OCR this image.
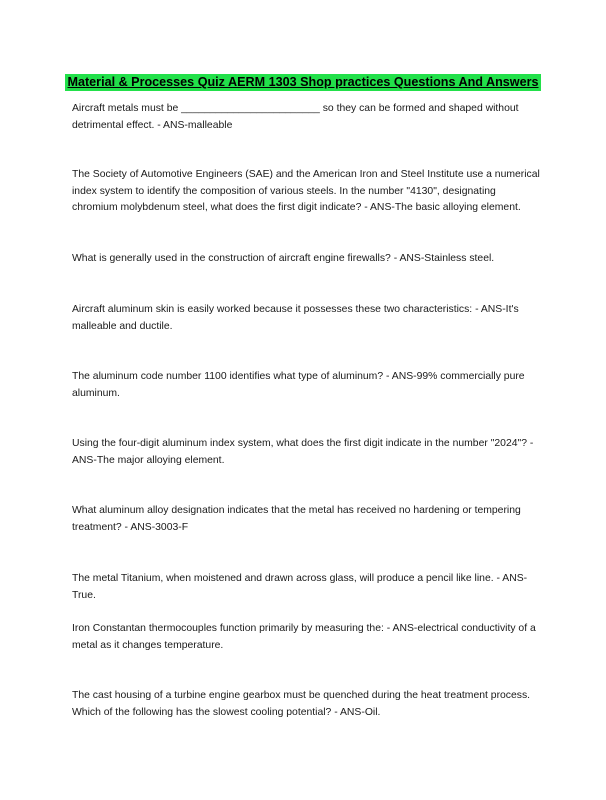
Material & Processes Quiz AERM 1303 Shop practices Questions And Answers

Aircraft metals must be ________________________ so they can be formed and shaped without detrimental effect. - ANS-malleable

The Society of Automotive Engineers (SAE) and the American Iron and Steel Institute use a numerical index system to identify the composition of various steels. In the number "4130", designating chromium molybdenum steel, what does the first digit indicate? - ANS-The basic alloying element.

What is generally used in the construction of aircraft engine firewalls? - ANS-Stainless steel.

Aircraft aluminum skin is easily worked because it possesses these two characteristics: - ANS-It's malleable and ductile.

The aluminum code number 1100 identifies what type of aluminum? - ANS-99% commercially pure aluminum.

Using the four-digit aluminum index system, what does the first digit indicate in the number "2024"? - ANS-The major alloying element.

What aluminum alloy designation indicates that the metal has received no hardening or tempering treatment? - ANS-3003-F

The metal Titanium, when moistened and drawn across glass, will produce a pencil like line. - ANS-True.

Iron Constantan thermocouples function primarily by measuring the: - ANS-electrical conductivity of a metal as it changes temperature.

The cast housing of a turbine engine gearbox must be quenched during the heat treatment process. Which of the following has the slowest cooling potential? - ANS-Oil.
